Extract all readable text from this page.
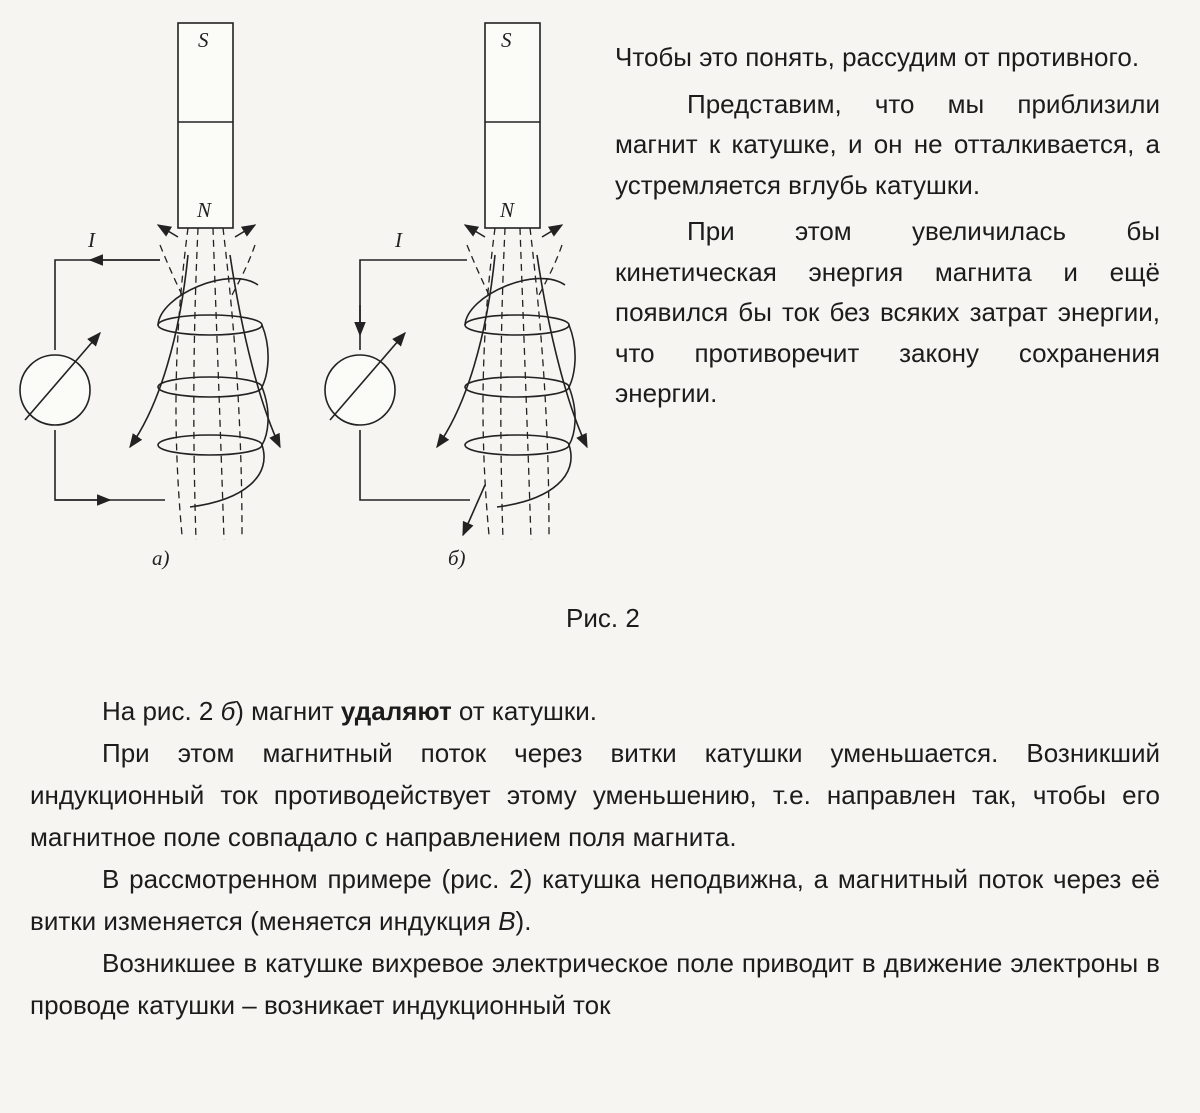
S
N
S
N
I	I
а)	б)

Чтобы это понять, рассудим от противного.

Представим, что мы приблизили магнит к катушке, и он не отталкивается, а устремляется вглубь катушки.

При этом увеличилась бы кинетическая энергия магнита и ещё появился бы ток без всяких затрат энергии, что противоречит закону сохранения энергии.

Рис. 2

На рис. 2 б) магнит удаляют от катушки.

При этом магнитный поток через витки катушки уменьшается. Возникший индукционный ток противодействует этому уменьшению, т.е. направлен так, чтобы его магнитное поле совпадало с направлением поля магнита.

В рассмотренном примере (рис. 2) катушка неподвижна, а магнитный поток через её витки изменяется (меняется индукция B).

Возникшее в катушке вихревое электрическое поле приводит в движение электроны в проводе катушки – возникает индукционный ток
